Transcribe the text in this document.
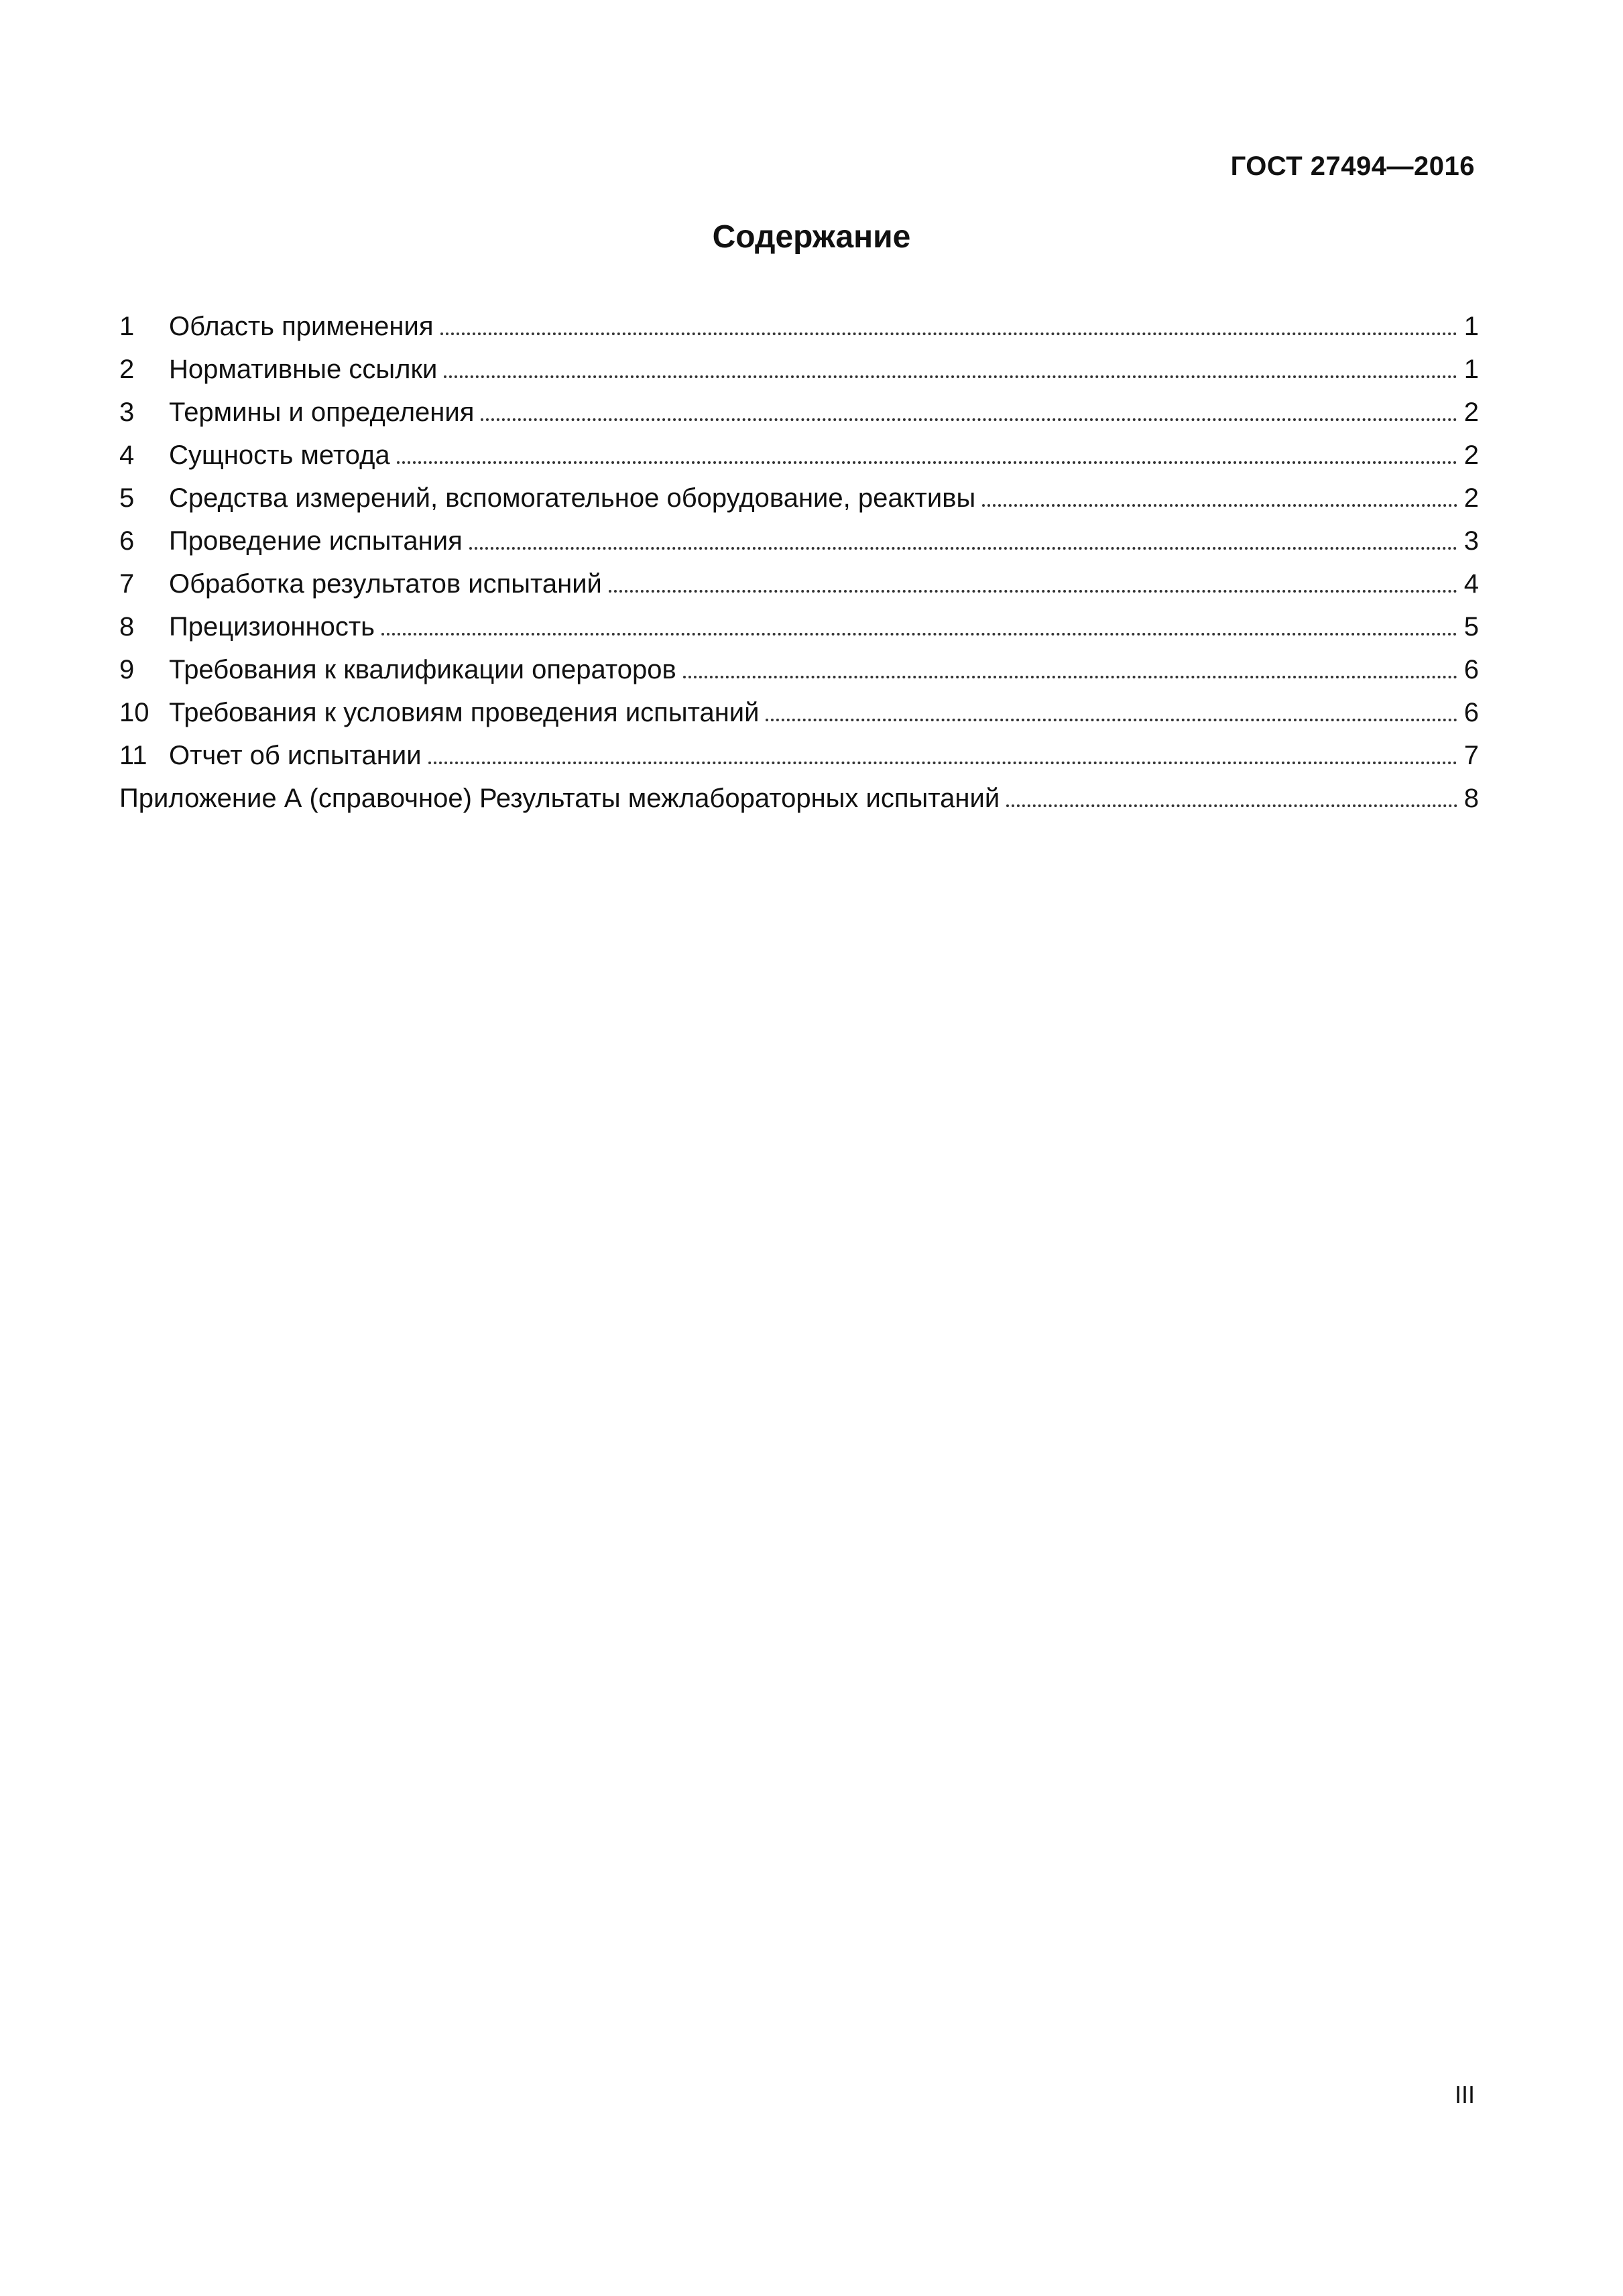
ГОСТ 27494—2016
Содержание
1	Область применения	1
2	Нормативные ссылки	1
3	Термины и определения	2
4	Сущность метода	2
5	Средства измерений, вспомогательное оборудование, реактивы	2
6	Проведение испытания	3
7	Обработка результатов испытаний	4
8	Прецизионность	5
9	Требования к квалификации операторов	6
10 Требования к условиям проведения испытаний	6
11 Отчет об испытании	7
Приложение А (справочное) Результаты межлабораторных испытаний	8
III
